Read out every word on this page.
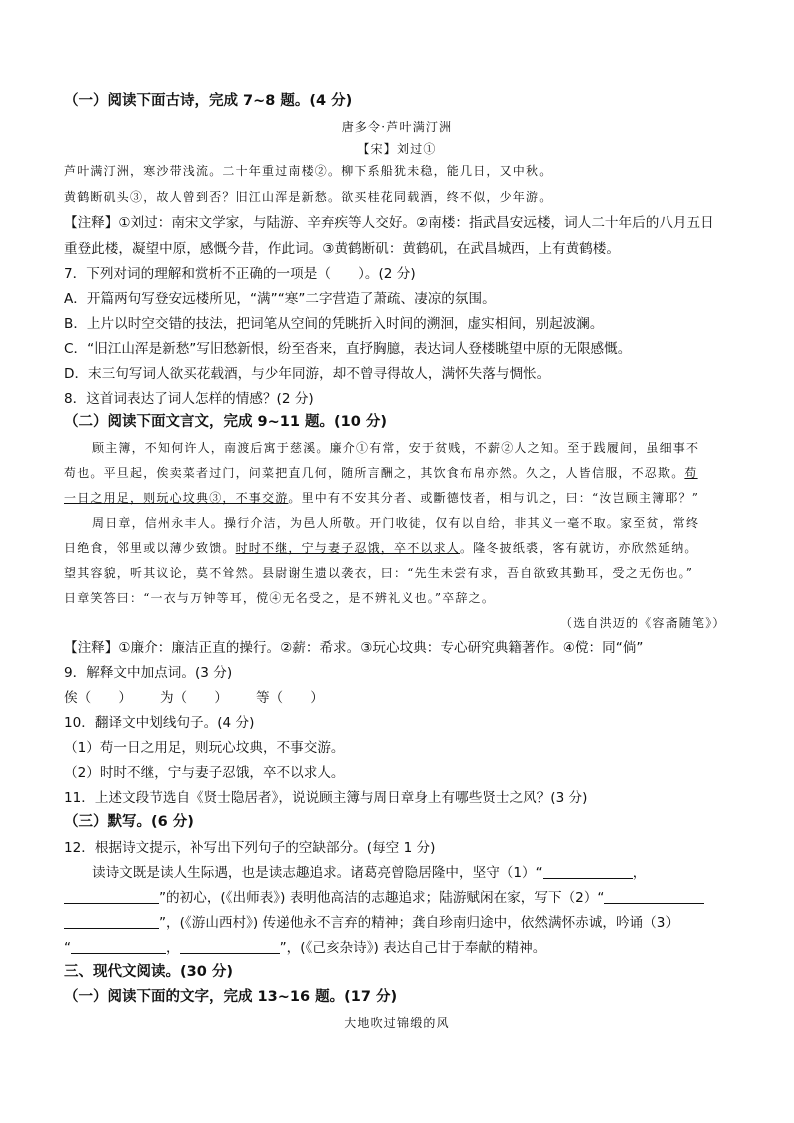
（一）阅读下面古诗，完成 7~8 题。(4 分)
唐多令·芦叶满汀洲
【宋】刘过①
芦叶满汀洲，寒沙带浅流。二十年重过南楼②。柳下系船犹未稳，能几日，又中秋。
黄鹤断矶头③，故人曾到否？旧江山浑是新愁。欲买桂花同载酒，终不似，少年游。
【注释】①刘过：南宋文学家，与陆游、辛弃疾等人交好。②南楼：指武昌安远楼，词人二十年后的八月五日
重登此楼，凝望中原，感慨今昔，作此词。③黄鹤断矶：黄鹤矶，在武昌城西，上有黄鹤楼。
7．下列对词的理解和赏析不正确的一项是（　　）。(2 分)
A．开篇两句写登安远楼所见，“满”“寒”二字营造了萧疏、凄凉的氛围。
B．上片以时空交错的技法，把词笔从空间的凭眺折入时间的溯洄，虚实相间，别起波澜。
C．“旧江山浑是新愁”写旧愁新恨，纷至沓来，直抒胸臆，表达词人登楼眺望中原的无限感慨。
D．末三句写词人欲买花载酒，与少年同游，却不曾寻得故人，满怀失落与惆怅。
8．这首词表达了词人怎样的情感？(2 分)
（二）阅读下面文言文，完成 9~11 题。(10 分)
顾主簿，不知何许人，南渡后寓于慈溪。廉介①有常，安于贫贱，不薪②人之知。至于践履间，虽细事不
苟也。平旦起，俟卖菜者过门，问菜把直几何，随所言酬之，其饮食布帛亦然。久之，人皆信服，不忍欺。苟
一日之用足，则玩心坟典③，不事交游。里中有不安其分者、或斷德忮者，相与讥之，曰：“汝岂顾主簿耶？”
周日章，信州永丰人。操行介洁，为邑人所敬。开门收徒，仅有以自给，非其义一毫不取。家至贫，常终
日绝食，邻里或以薄少致馈。时时不继，宁与妻子忍饿，卒不以求人。隆冬披纸裘，客有就访，亦欣然延纳。
望其容貌，听其议论，莫不耸然。县尉谢生遗以袭衣，曰：“先生未尝有求，吾自欲致其勤耳，受之无伤也。”
日章笑答曰：“一衣与万钟等耳，傥④无名受之，是不辨礼义也。”卒辞之。
（选自洪迈的《容斋随笔》）
【注释】①廉介：廉洁正直的操行。②薪：希求。③玩心坟典：专心研究典籍著作。④傥：同“倘”
9．解释文中加点词。(3 分)
俟（　　） 为（　　） 等（　　）
10．翻译文中划线句子。(4 分)
（1）苟一日之用足，则玩心坟典，不事交游。
（2）时时不继，宁与妻子忍饿，卒不以求人。
11．上述文段节选自《贤士隐居者》，说说顾主簿与周日章身上有哪些贤士之风？(3 分)
（三）默写。(6 分)
12．根据诗文提示，补写出下列句子的空缺部分。(每空 1 分)
读诗文既是读人生际遇，也是读志趣追求。诸葛亮曾隐居隆中，坚守（1）“	，
”的初心，(《出师表》) 表明他高洁的志趣追求；陆游赋闲在家，写下（2）“
”，(《游山西村》) 传递他永不言弃的精神；龚自珍南归途中，依然满怀赤诚，吟诵（3）
“	，	”，(《己亥杂诗》) 表达自己甘于奉献的精神。
三、现代文阅读。(30 分)
（一）阅读下面的文字，完成 13~16 题。(17 分)
大地吹过锦缎的风
